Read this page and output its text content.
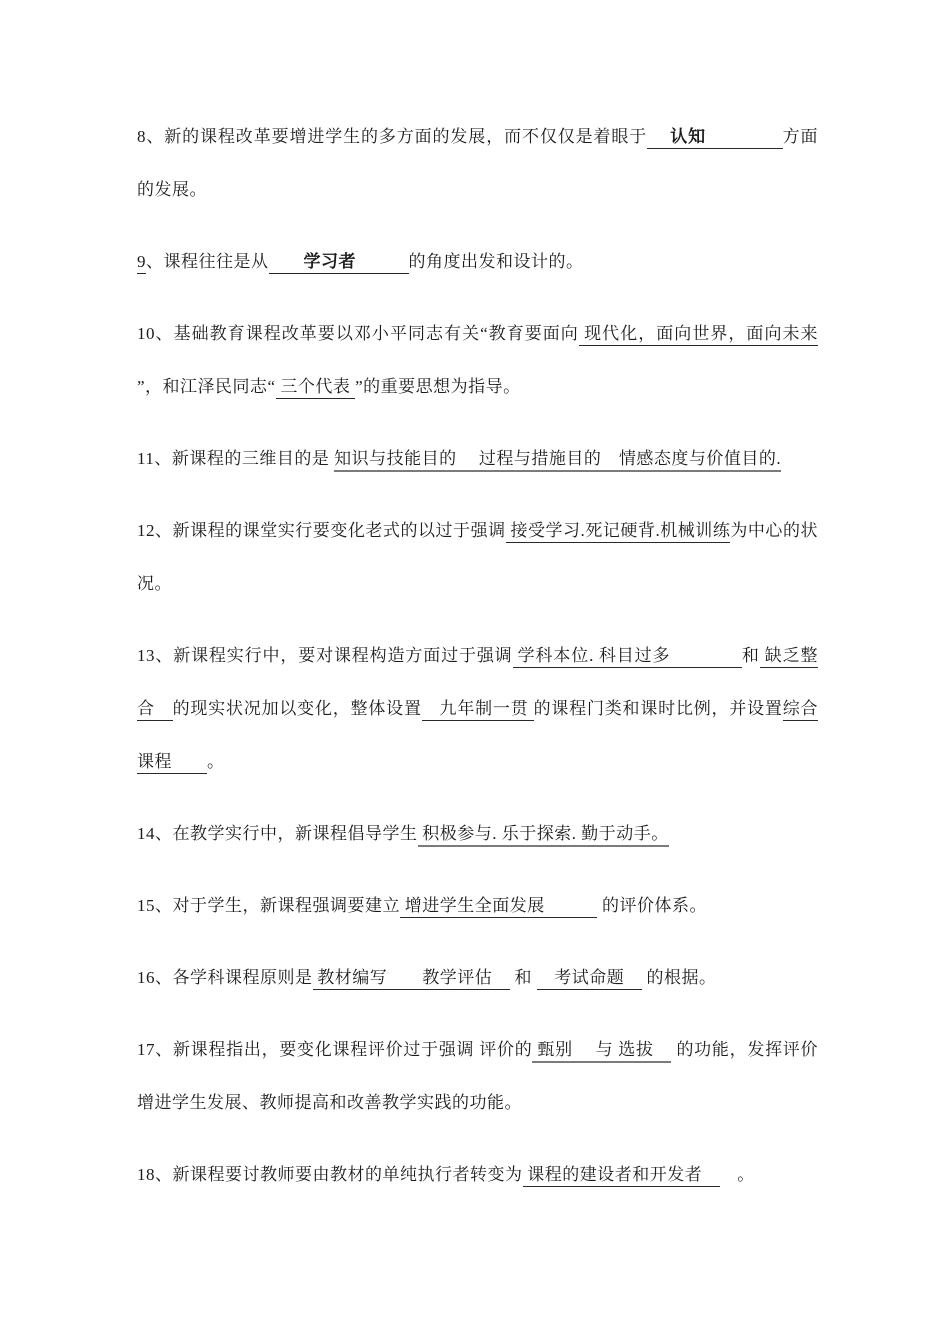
8、新的课程改革要增进学生的多方面的发展，而不仅仅是着眼于　 认知　　　　	方面的发展。

9、课程往往是从　　 学习者　　　	的角度出发和设计的。

10、基础教育课程改革要以邓小平同志有关“教育要面向 现代化，面向世界，面向未来 ”，和江泽民同志“ 三个代表 ”的重要思想为指导。

11、新课程的三维目的是 知识与技能目的　 过程与措施目的　情感态度与价值目的.

12、新课程的课堂实行要变化老式的以过于强调 接受学习.死记硬背.机械训练为中心的状况。

13、新课程实行中，要对课程构造方面过于强调 学科本位. 科目过多　　　　和 缺乏整合　的现实状况加以变化，整体设置　九年制一贯 的课程门类和课时比例，并设置综合课程　　。

14、在教学实行中，新课程倡导学生 积极参与. 乐于探索. 勤于动手。

15、对于学生，新课程强调要建立 增进学生全面发展　　　 的评价体系。

16、各学科课程原则是 教材编写　　教学评估　 和 　考试命题　 的根据。

17、新课程指出，要变化课程评价过于强调 评价的 甄别　 与 选拔　 的功能，发挥评价增进学生发展、教师提高和改善教学实践的功能。

18、新课程要讨教师要由教材的单纯执行者转变为 课程的建设者和开发者　　。
